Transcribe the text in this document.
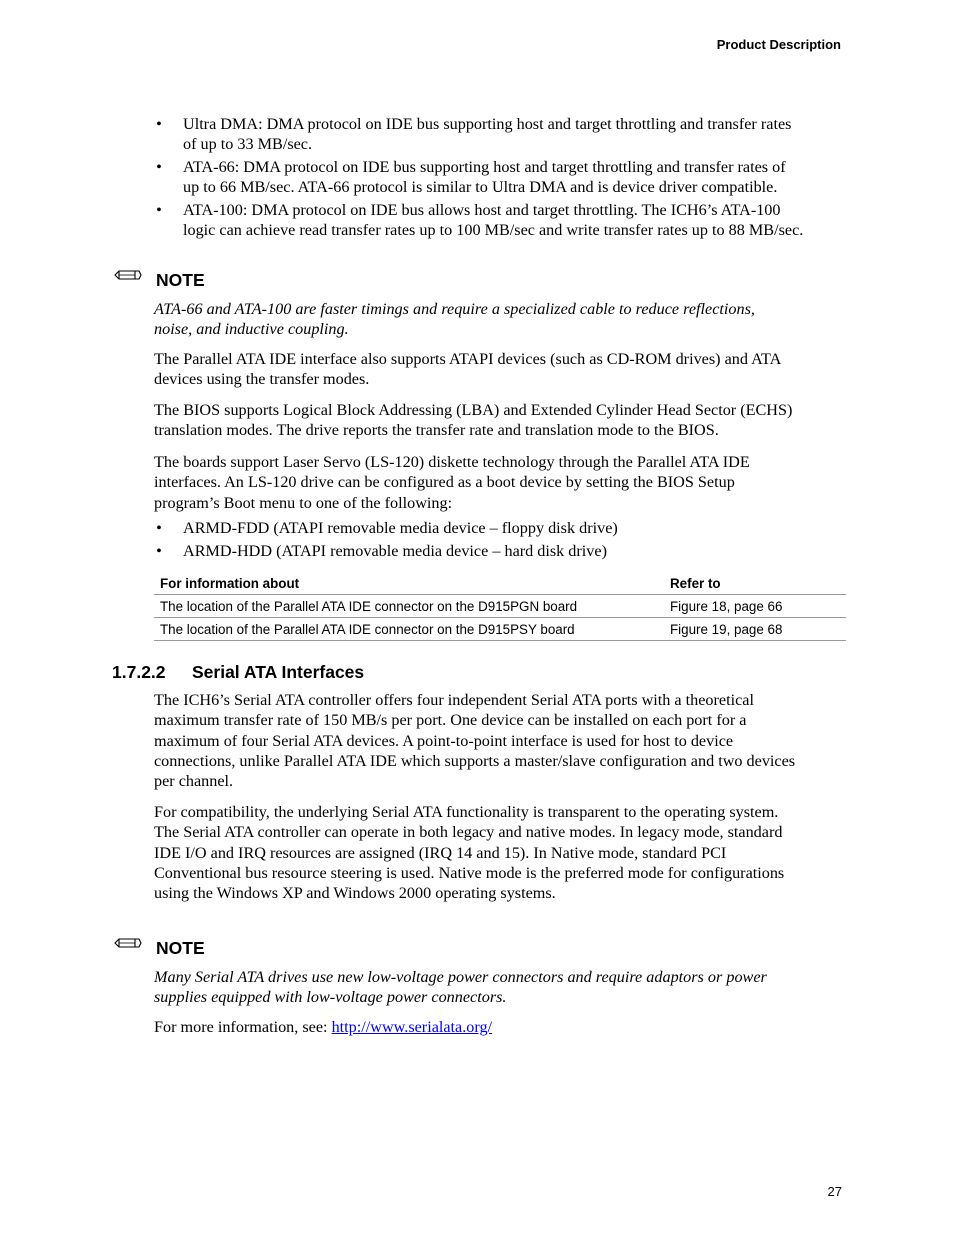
Product Description
• Ultra DMA: DMA protocol on IDE bus supporting host and target throttling and transfer rates
of up to 33 MB/sec.
• ATA-66: DMA protocol on IDE bus supporting host and target throttling and transfer rates of
up to 66 MB/sec. ATA-66 protocol is similar to Ultra DMA and is device driver compatible.
• ATA-100: DMA protocol on IDE bus allows host and target throttling. The ICH6’s ATA-100
logic can achieve read transfer rates up to 100 MB/sec and write transfer rates up to 88 MB/sec.
NOTE
ATA-66 and ATA-100 are faster timings and require a specialized cable to reduce reflections,
noise, and inductive coupling.
The Parallel ATA IDE interface also supports ATAPI devices (such as CD-ROM drives) and ATA
devices using the transfer modes.
The BIOS supports Logical Block Addressing (LBA) and Extended Cylinder Head Sector (ECHS)
translation modes. The drive reports the transfer rate and translation mode to the BIOS.
The boards support Laser Servo (LS-120) diskette technology through the Parallel ATA IDE
interfaces. An LS-120 drive can be configured as a boot device by setting the BIOS Setup
program’s Boot menu to one of the following:
• ARMD-FDD (ATAPI removable media device – floppy disk drive)
• ARMD-HDD (ATAPI removable media device – hard disk drive)
For information about	Refer to
The location of the Parallel ATA IDE connector on the D915PGN board	Figure 18, page 66
The location of the Parallel ATA IDE connector on the D915PSY board	Figure 19, page 68
1.7.2.2 Serial ATA Interfaces
The ICH6’s Serial ATA controller offers four independent Serial ATA ports with a theoretical
maximum transfer rate of 150 MB/s per port. One device can be installed on each port for a
maximum of four Serial ATA devices. A point-to-point interface is used for host to device
connections, unlike Parallel ATA IDE which supports a master/slave configuration and two devices
per channel.
For compatibility, the underlying Serial ATA functionality is transparent to the operating system.
The Serial ATA controller can operate in both legacy and native modes. In legacy mode, standard
IDE I/O and IRQ resources are assigned (IRQ 14 and 15). In Native mode, standard PCI
Conventional bus resource steering is used. Native mode is the preferred mode for configurations
using the Windows XP and Windows 2000 operating systems.
NOTE
Many Serial ATA drives use new low-voltage power connectors and require adaptors or power
supplies equipped with low-voltage power connectors.
For more information, see: http://www.serialata.org/
27
